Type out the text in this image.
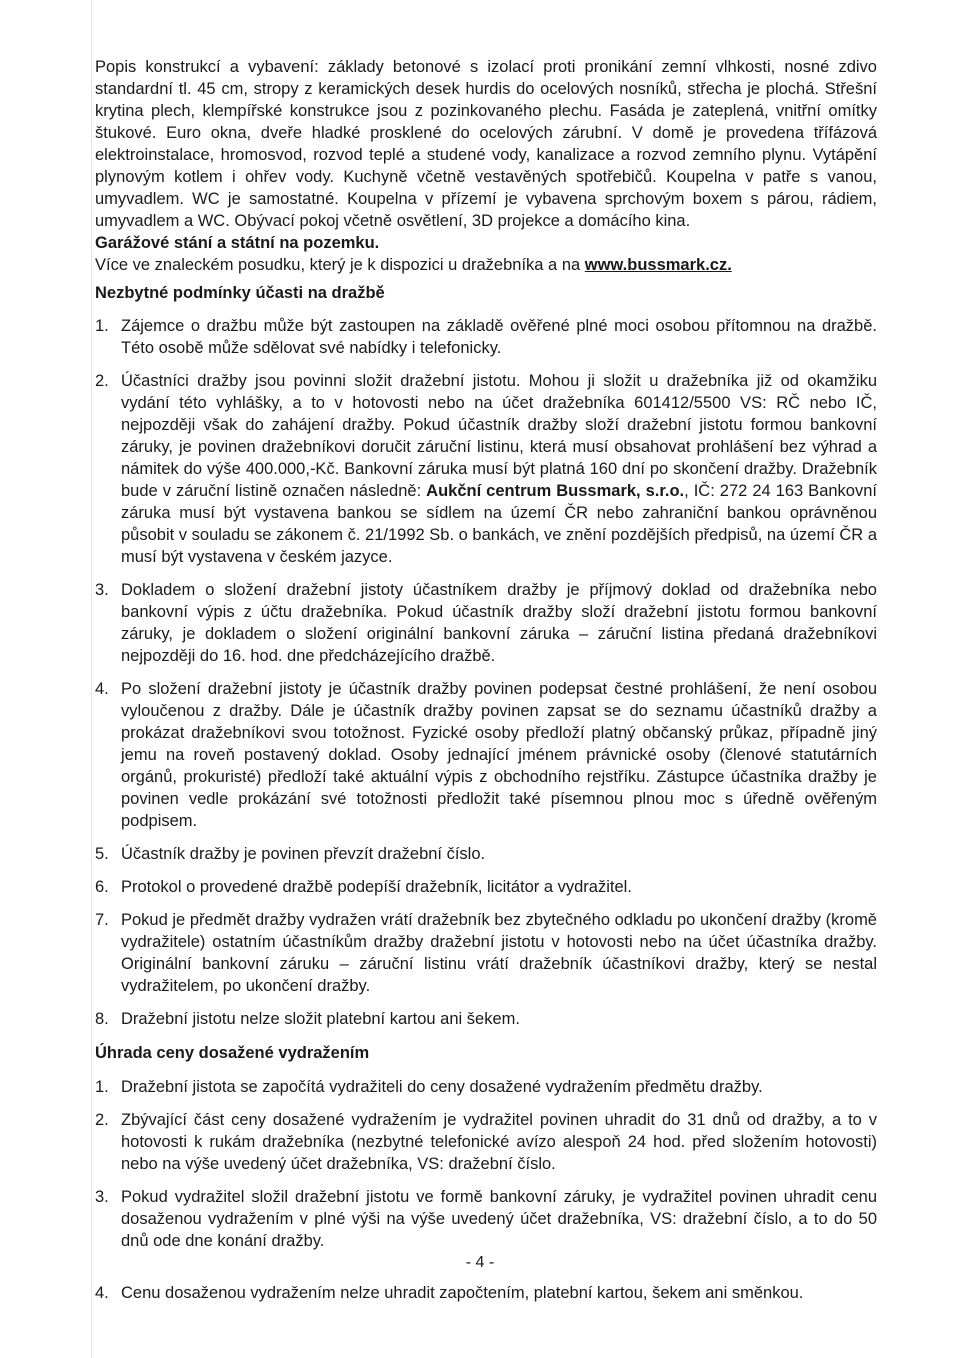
Popis konstrukcí a vybavení: základy betonové s izolací proti pronikání zemní vlhkosti, nosné zdivo standardní tl. 45 cm, stropy z keramických desek hurdis do ocelových nosníků, střecha je plochá. Střešní krytina plech, klempířské konstrukce jsou z pozinkovaného plechu. Fasáda je zateplená, vnitřní omítky štukové. Euro okna, dveře hladké prosklené do ocelových zárubní. V domě je provedena třífázová elektroinstalace, hromosvod, rozvod teplé a studené vody, kanalizace a rozvod zemního plynu. Vytápění plynovým kotlem i ohřev vody. Kuchyně včetně vestavěných spotřebičů. Koupelna v patře s vanou, umyvadlem. WC je samostatné. Koupelna v přízemí je vybavena sprchovým boxem s párou, rádiem, umyvadlem a WC. Obývací pokoj včetně osvětlení, 3D projekce a domácího kina.

Garážové stání a státní na pozemku.

Více ve znaleckém posudku, který je k dispozici u dražebníka a na www.bussmark.cz.

Nezbytné podmínky účasti na dražbě
1. Zájemce o dražbu může být zastoupen na základě ověřené plné moci osobou přítomnou na dražbě. Této osobě může sdělovat své nabídky i telefonicky.
2. Účastníci dražby jsou povinni složit dražební jistotu. Mohou ji složit u dražebníka již od okamžiku vydání této vyhlášky, a to v hotovosti nebo na účet dražebníka 601412/5500 VS: RČ nebo IČ, nejpozději však do zahájení dražby. Pokud účastník dražby složí dražební jistotu formou bankovní záruky, je povinen dražebníkovi doručit záruční listinu, která musí obsahovat prohlášení bez výhrad a námitek do výše 400.000,-Kč. Bankovní záruka musí být platná 160 dní po skončení dražby. Dražebník bude v záruční listině označen následně: Aukční centrum Bussmark, s.r.o., IČ: 272 24 163 Bankovní záruka musí být vystavena bankou se sídlem na území ČR nebo zahraniční bankou oprávněnou působit v souladu se zákonem č. 21/1992 Sb. o bankách, ve znění pozdějších předpisů, na území ČR a musí být vystavena v českém jazyce.
3. Dokladem o složení dražební jistoty účastníkem dražby je příjmový doklad od dražebníka nebo bankovní výpis z účtu dražebníka. Pokud účastník dražby složí dražební jistotu formou bankovní záruky, je dokladem o složení originální bankovní záruka – záruční listina předaná dražebníkovi nejpozději do 16. hod. dne předcházejícího dražbě.
4. Po složení dražební jistoty je účastník dražby povinen podepsat čestné prohlášení, že není osobou vyloučenou z dražby. Dále je účastník dražby povinen zapsat se do seznamu účastníků dražby a prokázat dražebníkovi svou totožnost. Fyzické osoby předloží platný občanský průkaz, případně jiný jemu na roveň postavený doklad. Osoby jednající jménem právnické osoby (členové statutárních orgánů, prokuristé) předloží také aktuální výpis z obchodního rejstříku. Zástupce účastníka dražby je povinen vedle prokázání své totožnosti předložit také písemnou plnou moc s úředně ověřeným podpisem.
5. Účastník dražby je povinen převzít dražební číslo.
6. Protokol o provedené dražbě podepíší dražebník, licitátor a vydražitel.
7. Pokud je předmět dražby vydražen vrátí dražebník bez zbytečného odkladu po ukončení dražby (kromě vydražitele) ostatním účastníkům dražby dražební jistotu v hotovosti nebo na účet účastníka dražby. Originální bankovní záruku – záruční listinu vrátí dražebník účastníkovi dražby, který se nestal vydražitelem, po ukončení dražby.
8. Dražební jistotu nelze složit platební kartou ani šekem.
Úhrada ceny dosažené vydražením
1. Dražební jistota se započítá vydražiteli do ceny dosažené vydražením předmětu dražby.
2. Zbývající část ceny dosažené vydražením je vydražitel povinen uhradit do 31 dnů od dražby, a to v hotovosti k rukám dražebníka (nezbytné telefonické avízo alespoň 24 hod. před složením hotovosti) nebo na výše uvedený účet dražebníka, VS: dražební číslo.
3. Pokud vydražitel složil dražební jistotu ve formě bankovní záruky, je vydražitel povinen uhradit cenu dosaženou vydražením v plné výši na výše uvedený účet dražebníka, VS: dražební číslo, a to do 50 dnů ode dne konání dražby.
4. Cenu dosaženou vydražením nelze uhradit započtením, platební kartou, šekem ani směnkou.
- 4 -
